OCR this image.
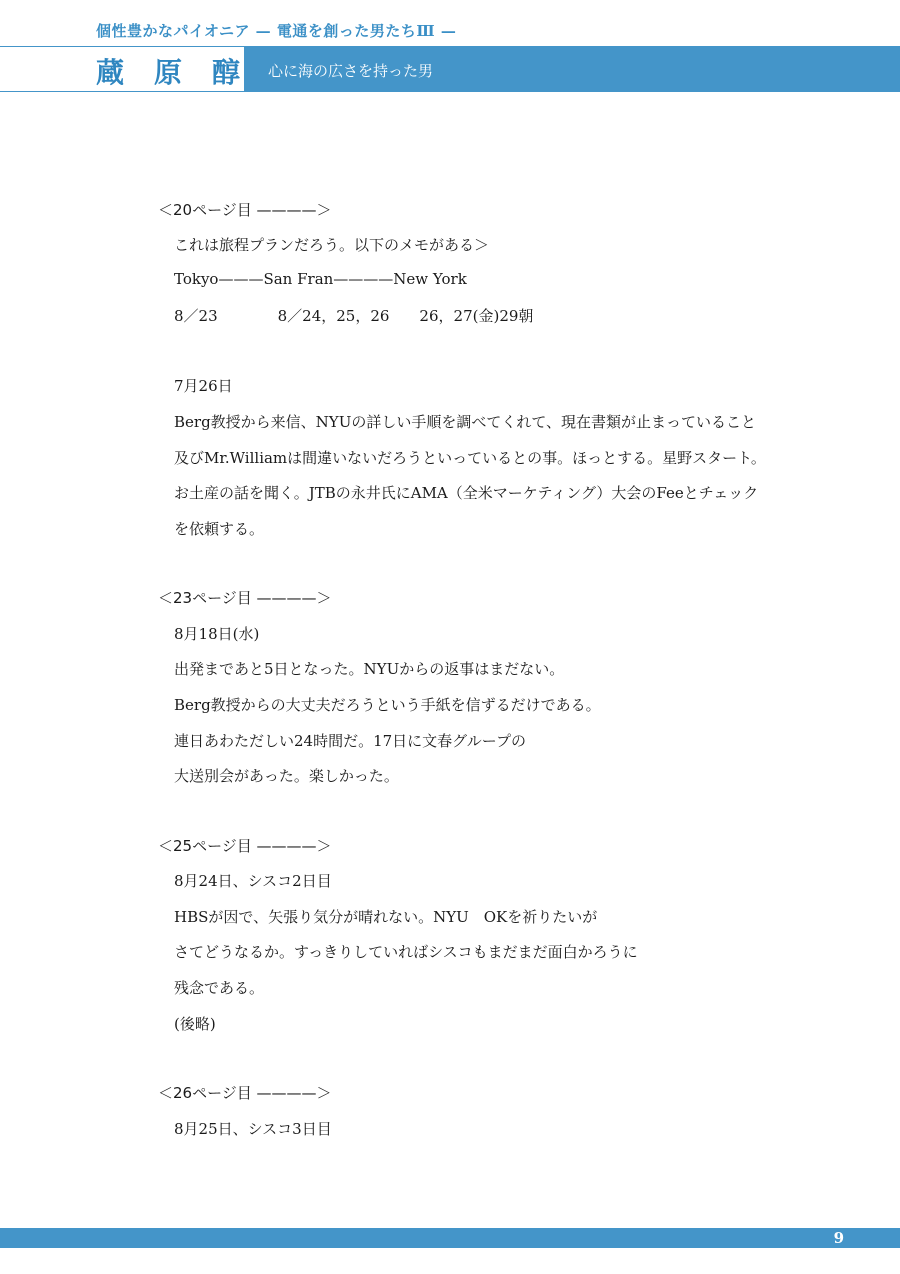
個性豊かなパイオニア — 電通を創った男たちⅢ —
蔵原醇
心に海の広さを持った男
＜20ページ目 ————＞
これは旅程プランだろう。以下のメモがある＞
Tokyo———San Fran————New York
8／23　　　　8／24，25，26　　26，27(金)29朝
7月26日
Berg教授から来信、NYUの詳しい手順を調べてくれて、現在書類が止まっていること
及びMr.Williamは間違いないだろうといっているとの事。ほっとする。星野スタート。
お土産の話を聞く。JTBの永井氏にAMA（全米マーケティング）大会のFeeとチェック
を依頼する。
＜23ページ目 ————＞
8月18日(水)
出発まであと5日となった。NYUからの返事はまだない。
Berg教授からの大丈夫だろうという手紙を信ずるだけである。
連日あわただしい24時間だ。17日に文春グループの
大送別会があった。楽しかった。
＜25ページ目 ————＞
8月24日、シスコ2日目
HBSが因で、矢張り気分が晴れない。NYU　OKを祈りたいが
さてどうなるか。すっきりしていればシスコもまだまだ面白かろうに
残念である。
(後略)
＜26ページ目 ————＞
8月25日、シスコ3日目
9
